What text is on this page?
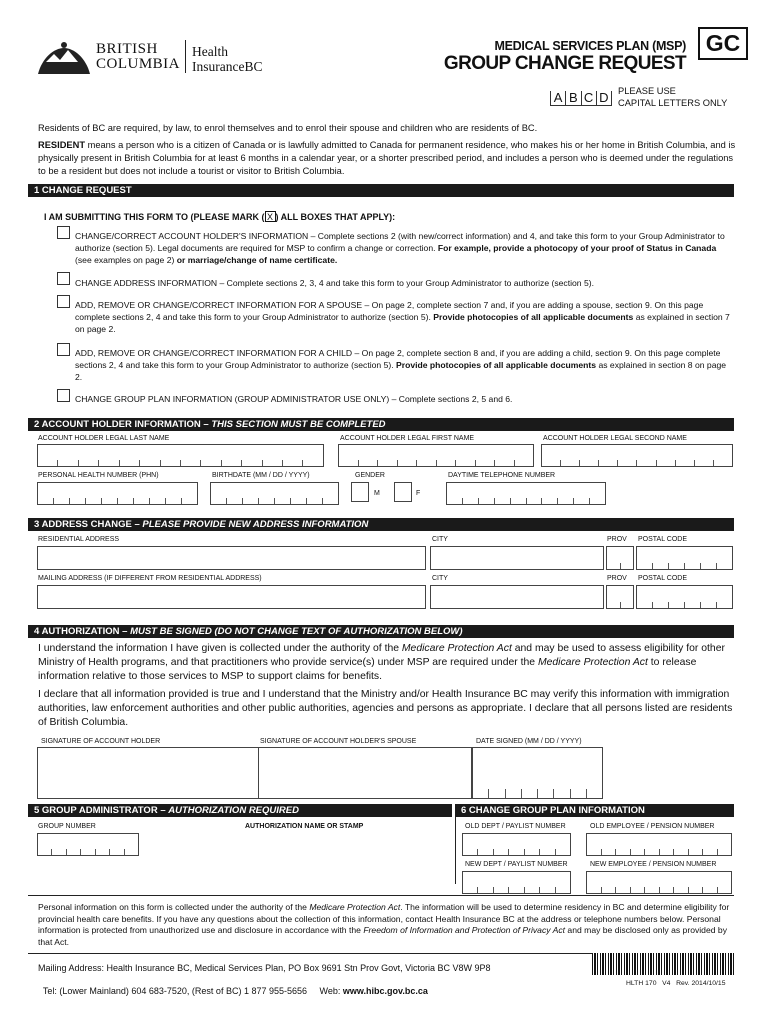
BRITISH
COLUMBIA
Health
InsuranceBC
MEDICAL SERVICES PLAN (MSP)
GROUP CHANGE REQUEST
GC
A B C D	PLEASE USE
CAPITAL LETTERS ONLY
Residents of BC are required, by law, to enrol themselves and to enrol their spouse and children who are residents of BC.
RESIDENT means a person who is a citizen of Canada or is lawfully admitted to Canada for permanent residence, who makes his or her home in British Columbia, and is physically present in British Columbia for at least 6 months in a calendar year, or a shorter prescribed period, and includes a person who is deemed under the regulations to be a resident but does not include a tourist or visitor to British Columbia.
1 CHANGE REQUEST
I AM SUBMITTING THIS FORM TO (PLEASE MARK ( X ) ALL BOXES THAT APPLY):
CHANGE/CORRECT ACCOUNT HOLDER'S INFORMATION – Complete sections 2 (with new/correct information) and 4, and take this form to your Group Administrator to authorize (section 5). Legal documents are required for MSP to confirm a change or correction. For example, provide a photocopy of your proof of Status in Canada (see examples on page 2) or marriage/change of name certificate.
CHANGE ADDRESS INFORMATION – Complete sections 2, 3, 4 and take this form to your Group Administrator to authorize (section 5).
ADD, REMOVE OR CHANGE/CORRECT INFORMATION FOR A SPOUSE – On page 2, complete section 7 and, if you are adding a spouse, section 9. On this page complete sections 2, 4 and take this form to your Group Administrator to authorize (section 5). Provide photocopies of all applicable documents as explained in section 7 on page 2.
ADD, REMOVE OR CHANGE/CORRECT INFORMATION FOR A CHILD – On page 2, complete section 8 and, if you are adding a child, section 9. On this page complete sections 2, 4 and take this form to your Group Administrator to authorize (section 5). Provide photocopies of all applicable documents as explained in section 8 on page 2.
CHANGE GROUP PLAN INFORMATION (GROUP ADMINISTRATOR USE ONLY) – Complete sections 2, 5 and 6.
2 ACCOUNT HOLDER INFORMATION – THIS SECTION MUST BE COMPLETED
ACCOUNT HOLDER LEGAL LAST NAME	ACCOUNT HOLDER LEGAL FIRST NAME	ACCOUNT HOLDER LEGAL SECOND NAME
PERSONAL HEALTH NUMBER (PHN)	BIRTHDATE (MM / DD / YYYY)	GENDER	DAYTIME TELEPHONE NUMBER
M	F
3 ADDRESS CHANGE – PLEASE PROVIDE NEW ADDRESS INFORMATION
RESIDENTIAL ADDRESS	CITY	PROV POSTAL CODE
MAILING ADDRESS (IF DIFFERENT FROM RESIDENTIAL ADDRESS)	CITY	PROV POSTAL CODE
4 AUTHORIZATION – MUST BE SIGNED (DO NOT CHANGE TEXT OF AUTHORIZATION BELOW)
I understand the information I have given is collected under the authority of the Medicare Protection Act and may be used to assess eligibility for other Ministry of Health programs, and that practitioners who provide service(s) under MSP are required under the Medicare Protection Act to release information relative to those services to MSP to support claims for benefits.
I declare that all information provided is true and I understand that the Ministry and/or Health Insurance BC may verify this information with immigration authorities, law enforcement authorities and other public authorities, agencies and persons as appropriate. I declare that all persons listed are residents of British Columbia.
SIGNATURE OF ACCOUNT HOLDER	SIGNATURE OF ACCOUNT HOLDER'S SPOUSE	DATE SIGNED (MM / DD / YYYY)
5 GROUP ADMINISTRATOR – AUTHORIZATION REQUIRED	6 CHANGE GROUP PLAN INFORMATION
GROUP NUMBER	AUTHORIZATION NAME OR STAMP	OLD DEPT / PAYLIST NUMBER	OLD EMPLOYEE / PENSION NUMBER
NEW DEPT / PAYLIST NUMBER	NEW EMPLOYEE / PENSION NUMBER
Personal information on this form is collected under the authority of the Medicare Protection Act. The information will be used to determine residency in BC and determine eligibility for provincial health care benefits. If you have any questions about the collection of this information, contact Health Insurance BC at the address or telephone numbers below. Personal information is protected from unauthorized use and disclosure in accordance with the Freedom of Information and Protection of Privacy Act and may be disclosed only as provided by that Act.
Mailing Address: Health Insurance BC, Medical Services Plan, PO Box 9691 Stn Prov Govt, Victoria BC V8W 9P8

Tel: (Lower Mainland) 604 683-7520, (Rest of BC) 1 877 955-5656     Web: www.hibc.gov.bc.ca

HLTH 170   V4   Rev. 2014/10/15
